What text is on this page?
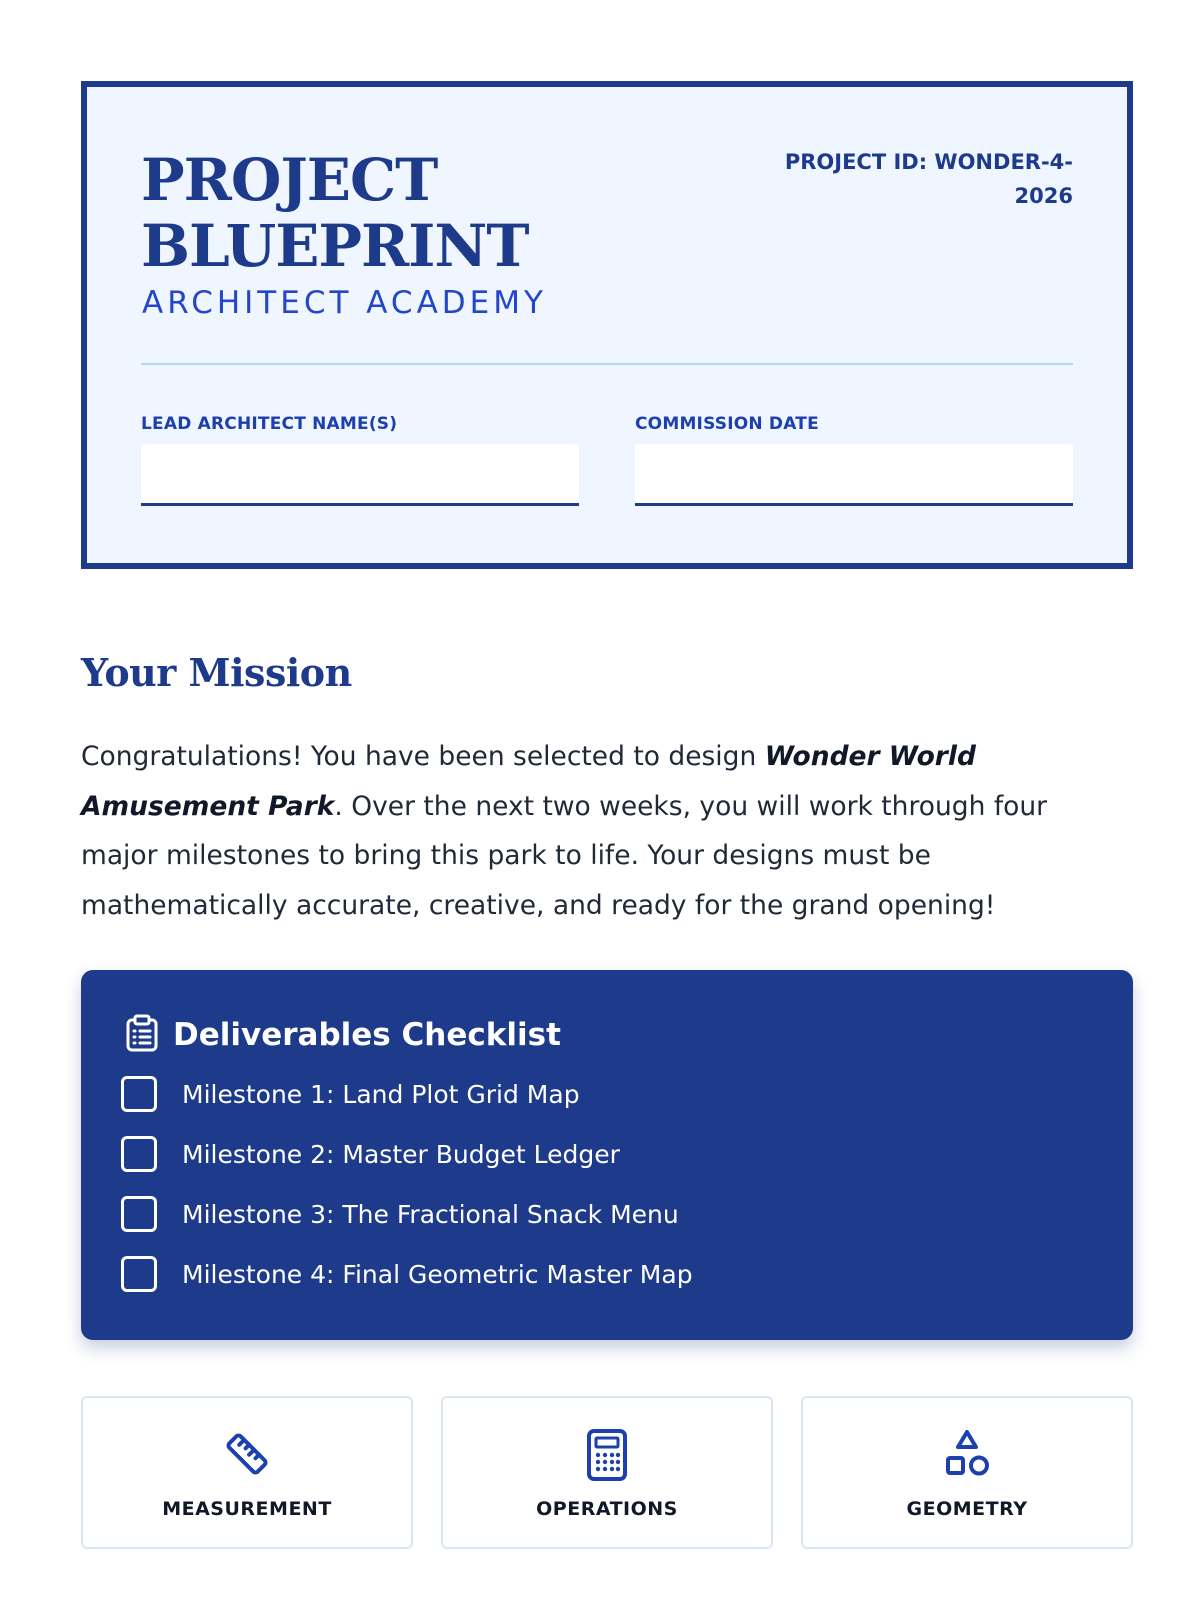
PROJECT
BLUEPRINT
ARCHITECT ACADEMY
PROJECT ID: WONDER-4-
2026
LEAD ARCHITECT NAME(S)	COMMISSION DATE
Your Mission

Congratulations! You have been selected to design Wonder World Amusement Park. Over the next two weeks, you will work through four major milestones to bring this park to life. Your designs must be mathematically accurate, creative, and ready for the grand opening!

Deliverables Checklist
Milestone 1: Land Plot Grid Map
Milestone 2: Master Budget Ledger
Milestone 3: The Fractional Snack Menu
Milestone 4: Final Geometric Master Map
MEASUREMENT	OPERATIONS	GEOMETRY
